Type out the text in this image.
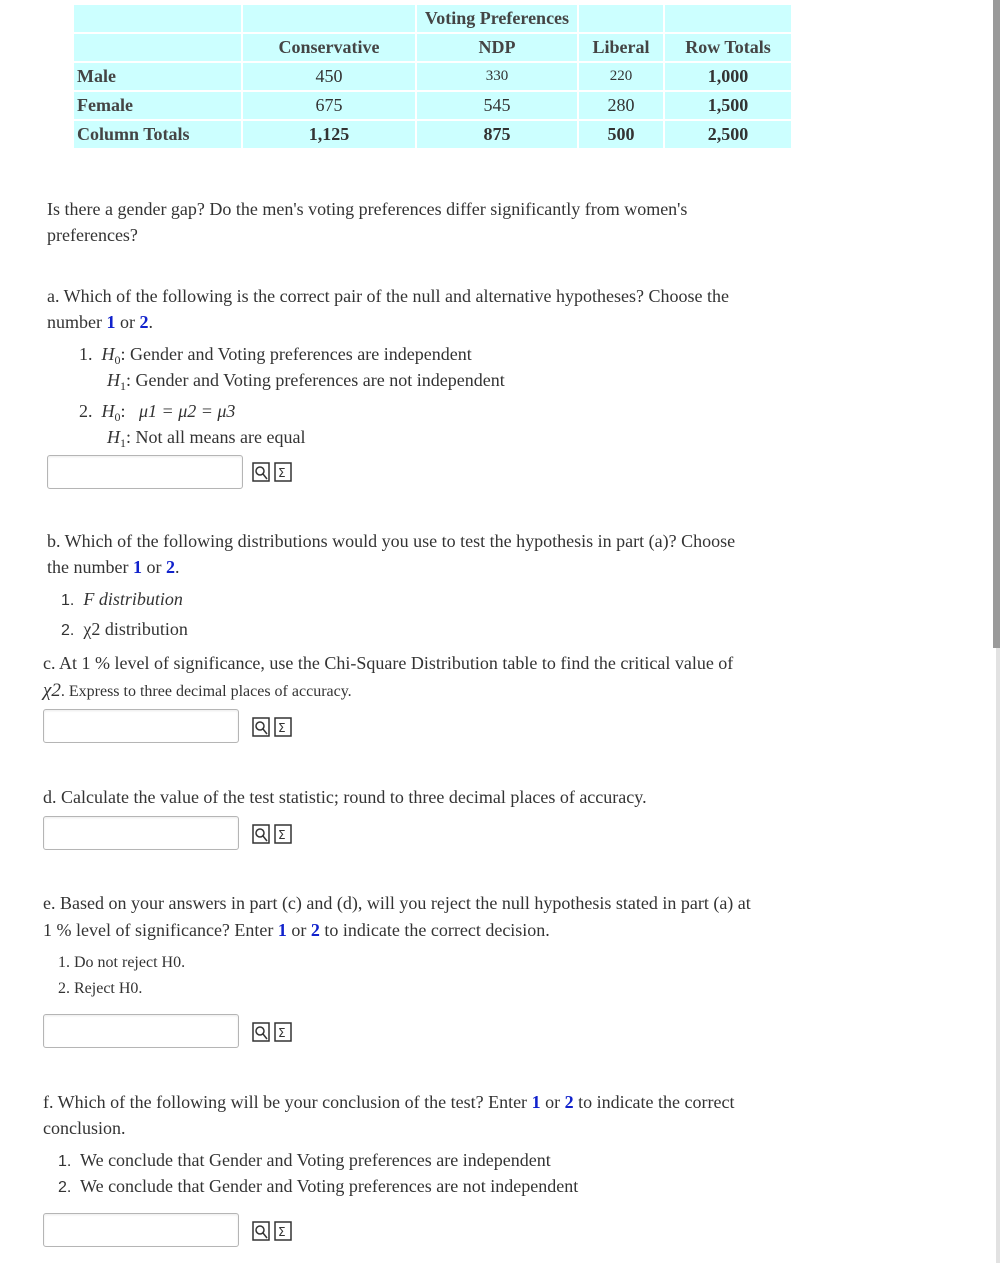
		Voting Preferences		
	Conservative	NDP	Liberal	Row Totals
Male	450	330	220	1,000
Female	675	545	280	1,500
Column Totals	1,125	875	500	2,500

Is there a gender gap? Do the men's voting preferences differ significantly from women's

preferences?

a. Which of the following is the correct pair of the null and alternative hypotheses? Choose the

number 1 or 2.

1. $H_0$: Gender and Voting preferences are independent

$H_1$: Gender and Voting preferences are not independent

2. $H_0$:   μ1 = μ2 = μ3

$H_1$: Not all means are equal

Σ

b. Which of the following distributions would you use to test the hypothesis in part (a)? Choose

the number 1 or 2.

1. F distribution

2. χ2 distribution

c. At 1 % level of significance, use the Chi-Square Distribution table to find the critical value of

χ2. Express to three decimal places of accuracy.

Σ

d. Calculate the value of the test statistic; round to three decimal places of accuracy.

Σ

e. Based on your answers in part (c) and (d), will you reject the null hypothesis stated in part (a) at

1 % level of significance? Enter 1 or 2 to indicate the correct decision.

1. Do not reject H0.

2. Reject H0.

Σ

f. Which of the following will be your conclusion of the test? Enter 1 or 2 to indicate the correct

conclusion.

1. We conclude that Gender and Voting preferences are independent

2. We conclude that Gender and Voting preferences are not independent

Σ
